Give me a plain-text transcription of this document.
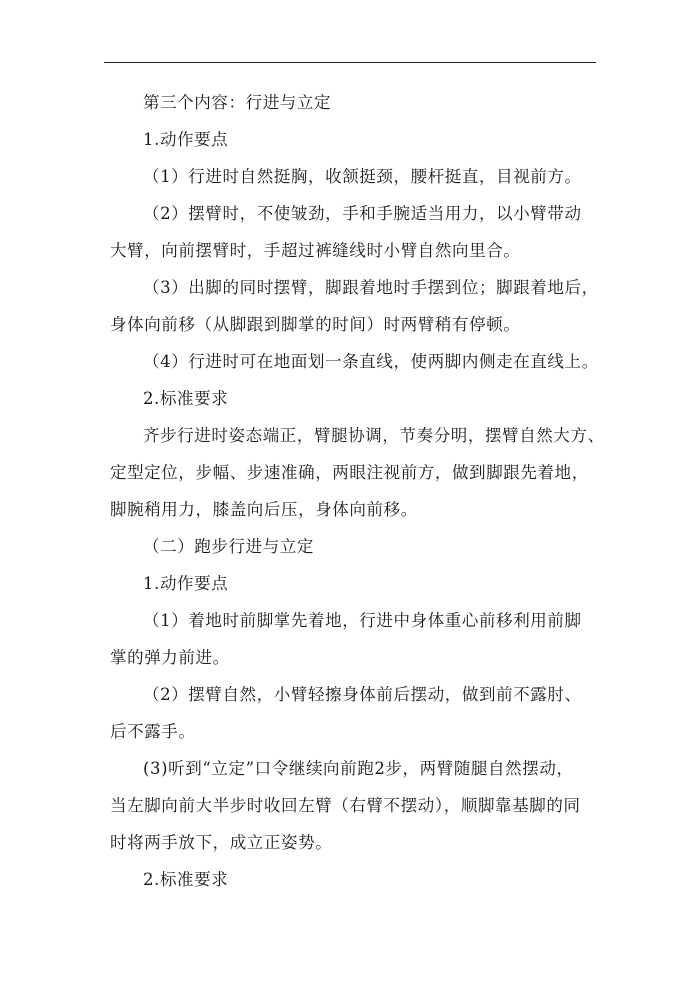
第三个内容：行进与立定
1.动作要点
（1）行进时自然挺胸，收颔挺颈，腰杆挺直，目视前方。
（2）摆臂时，不使皱劲，手和手腕适当用力，以小臂带动
大臂，向前摆臂时，手超过裤缝线时小臂自然向里合。
（3）出脚的同时摆臂，脚跟着地时手摆到位；脚跟着地后，
身体向前移（从脚跟到脚掌的时间）时两臂稍有停顿。
（4）行进时可在地面划一条直线，使两脚内侧走在直线上。
2.标准要求
齐步行进时姿态端正，臂腿协调，节奏分明，摆臂自然大方、
定型定位，步幅、步速准确，两眼注视前方，做到脚跟先着地，
脚腕稍用力，膝盖向后压，身体向前移。
（二）跑步行进与立定
1.动作要点
（1）着地时前脚掌先着地，行进中身体重心前移利用前脚
掌的弹力前进。
（2）摆臂自然，小臂轻擦身体前后摆动，做到前不露肘、
后不露手。
(3)听到“立定”口令继续向前跑2步，两臂随腿自然摆动，
当左脚向前大半步时收回左臂（右臂不摆动），顺脚靠基脚的同
时将两手放下，成立正姿势。
2.标准要求
